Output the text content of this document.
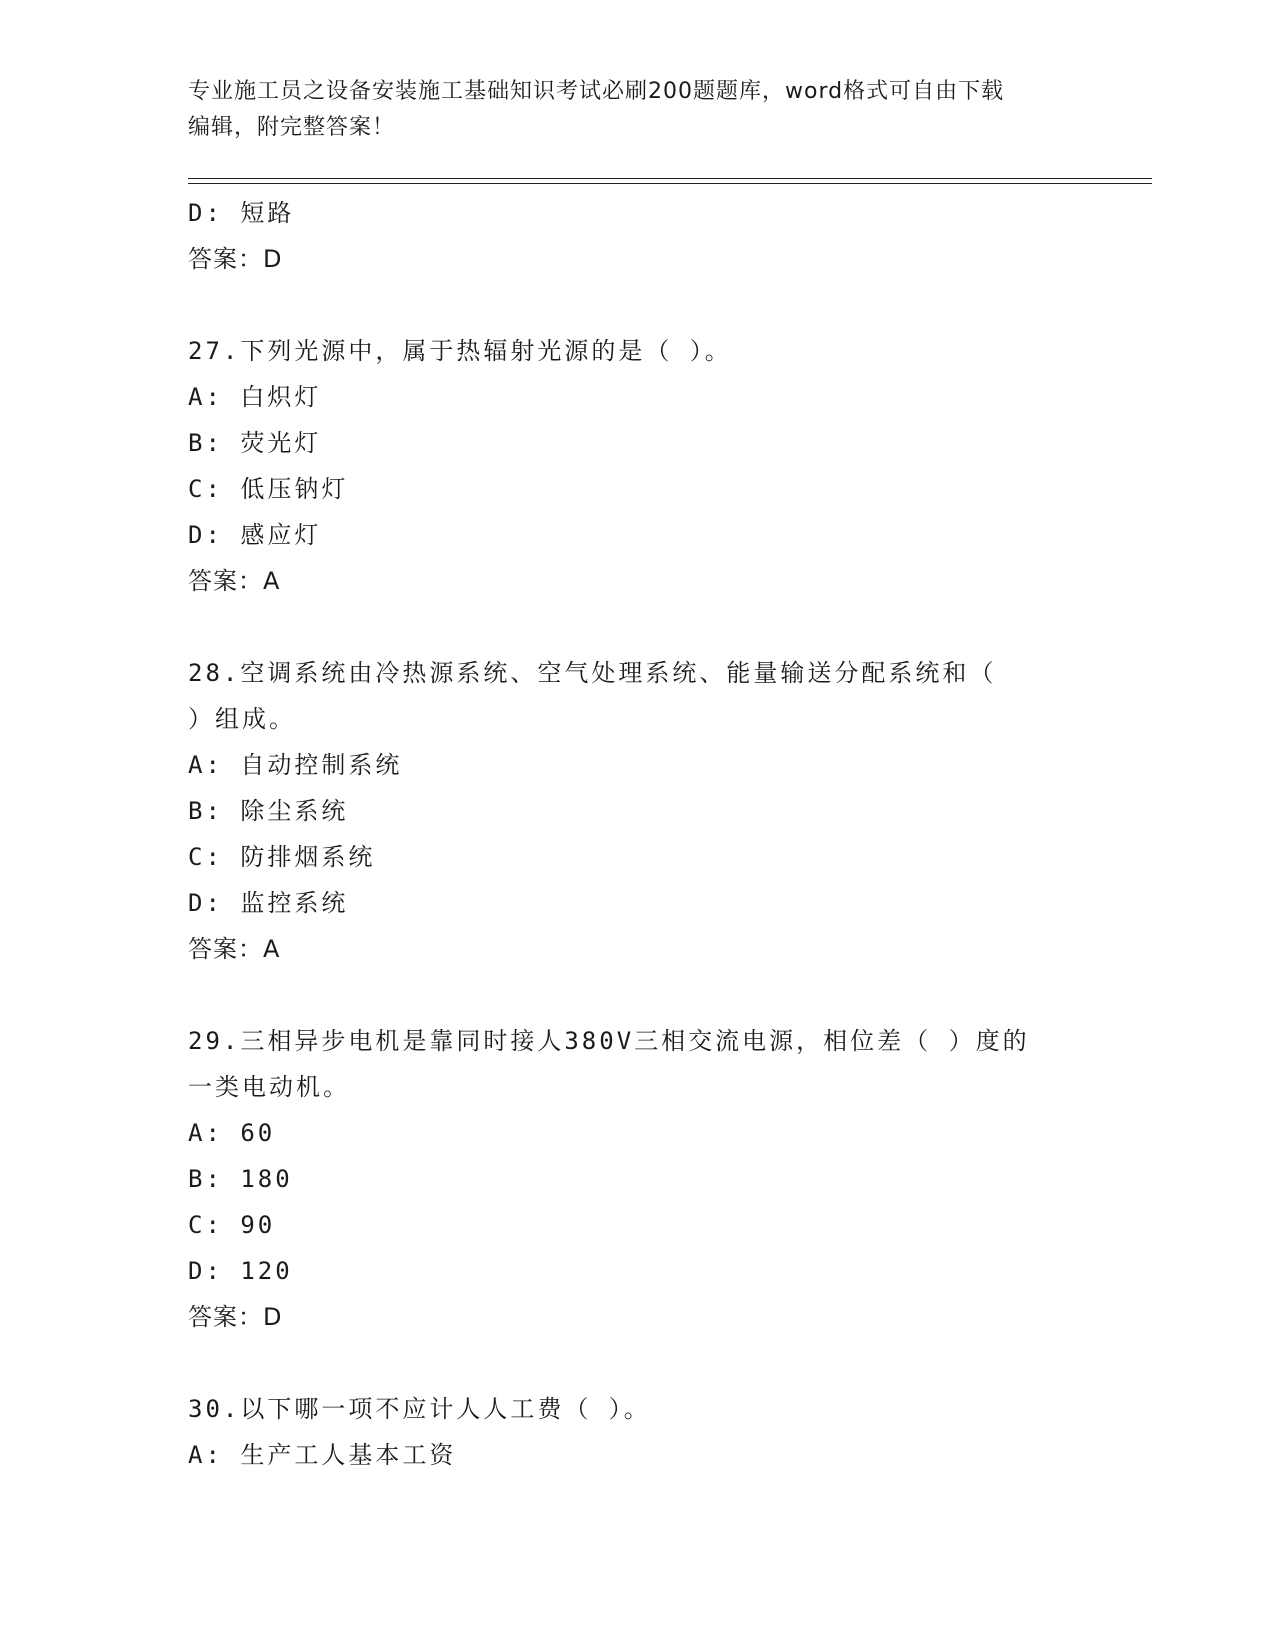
专业施工员之设备安装施工基础知识考试必刷200题题库，word格式可自由下载
编辑，附完整答案！
D: 短路
答案：D
27.下列光源中，属于热辐射光源的是（ ）。
A: 白炽灯
B: 荧光灯
C: 低压钠灯
D: 感应灯
答案：A
28.空调系统由冷热源系统、空气处理系统、能量输送分配系统和（
）组成。
A: 自动控制系统
B: 除尘系统
C: 防排烟系统
D: 监控系统
答案：A
29.三相异步电机是靠同时接人380V三相交流电源，相位差（ ）度的
一类电动机。
A: 60
B: 180
C: 90
D: 120
答案：D
30.以下哪一项不应计人人工费（ ）。
A: 生产工人基本工资
